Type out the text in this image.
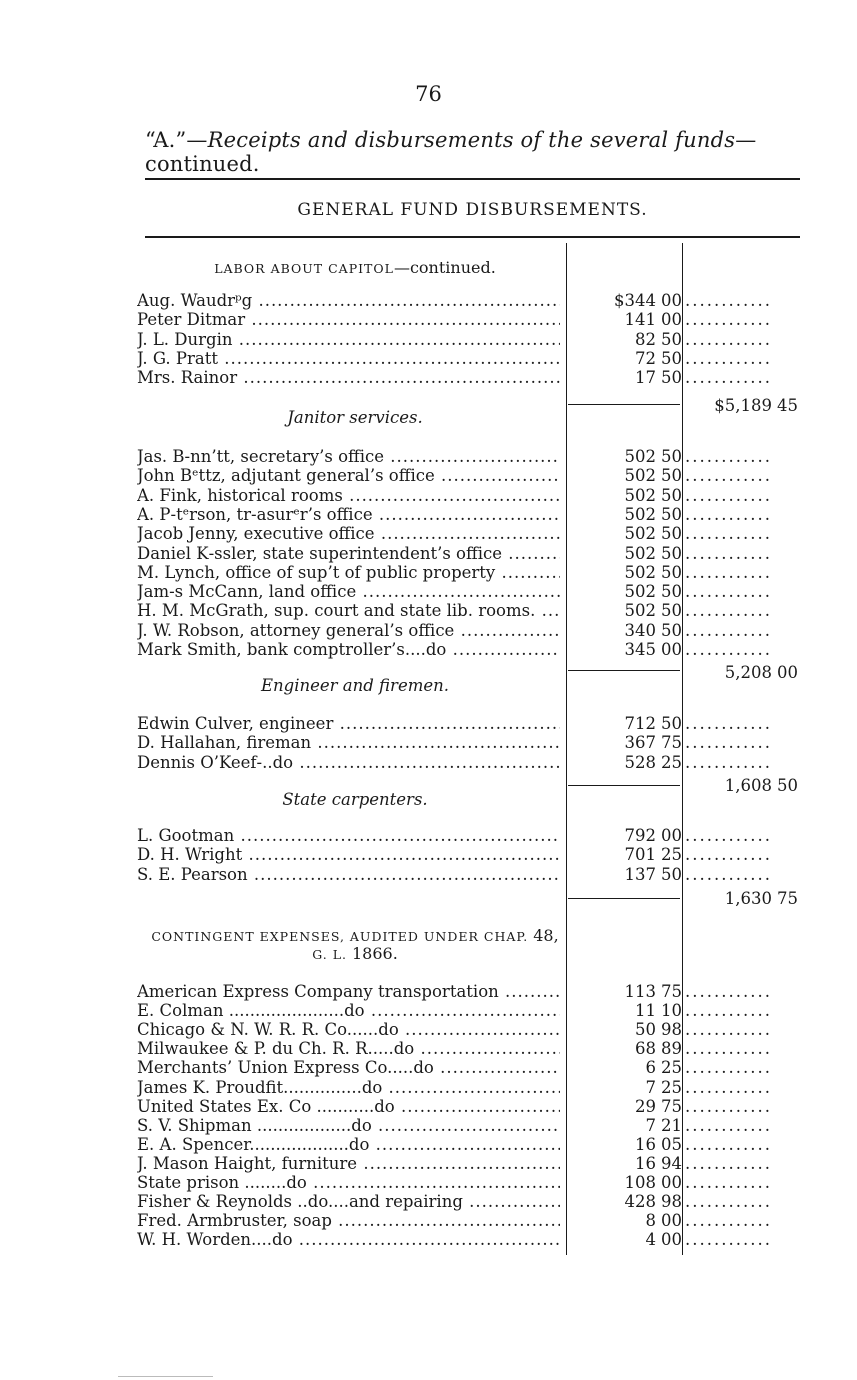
76
“A.”—Receipts and disbursements of the several funds—continued.
GENERAL FUND DISBURSEMENTS.
LABOR ABOUT CAPITOL—continued.
Aug. Waudrᵖg .....	$344 00 ............
Peter Ditmar .....	141 00 ............
J. L. Durgin .....	82 50 ............
J. G. Pratt .....	72 50 ............
Mrs. Rainor .....	17 50 ............
$5,189 45
Janitor services.
Jas. B‑nn’tt, secretary’s office .....	502 50 ............
John Bᵉttz, adjutant general’s office .....	502 50 ............
A. Fink, historical rooms .....	502 50 ............
A. P‑tᵉrson, tr‑asurᵉr’s office .....	502 50 ............
Jacob Jenny, executive office .....	502 50 ............
Daniel K‑ssler, state superintendent’s office .....	502 50 ............
M. Lynch, office of sup’t of public property .....	502 50 ............
Jam‑s McCann, land office .....	502 50 ............
H. M. McGrath, sup. court and state lib. rooms. .....	502 50 ............
J. W. Robson, attorney general’s office .....	340 50 ............
Mark Smith, bank comptroller’s....do .....	345 00 ............
5,208 00
Engineer and firemen.
Edwin Culver, engineer .....	712 50 ............
D. Hallahan, fireman .....	367 75 ............
Dennis O’Keef‑..do .....	528 25 ............
1,608 50
State carpenters.
L. Gootman .....	792 00 ............
D. H. Wright .....	701 25 ............
S. E. Pearson .....	137 50 ............
1,630 75
CONTINGENT EXPENSES, AUDITED UNDER CHAP. 48,
G. L. 1866.
American Express Company transportation .....	113 75 ............
E. Colman ......................do .....	11 10 ............
Chicago & N. W. R. R. Co......do .....	50 98 ............
Milwaukee & P. du Ch. R. R.....do .....	68 89 ............
Merchants’ Union Express Co.....do .....	6 25 ............
James K. Proudfit...............do .....	7 25 ............
United States Ex. Co ...........do .....	29 75 ............
S. V. Shipman ..................do .....	7 21 ............
E. A. Spencer...................do .....	16 05 ............
J. Mason Haight, furniture .....	16 94 ............
State prison ........do .....	108 00 ............
Fisher & Reynolds ..do....and repairing .....	428 98 ............
Fred. Armbruster, soap .....	8 00 ............
W. H. Worden....do .....	4 00 ............
